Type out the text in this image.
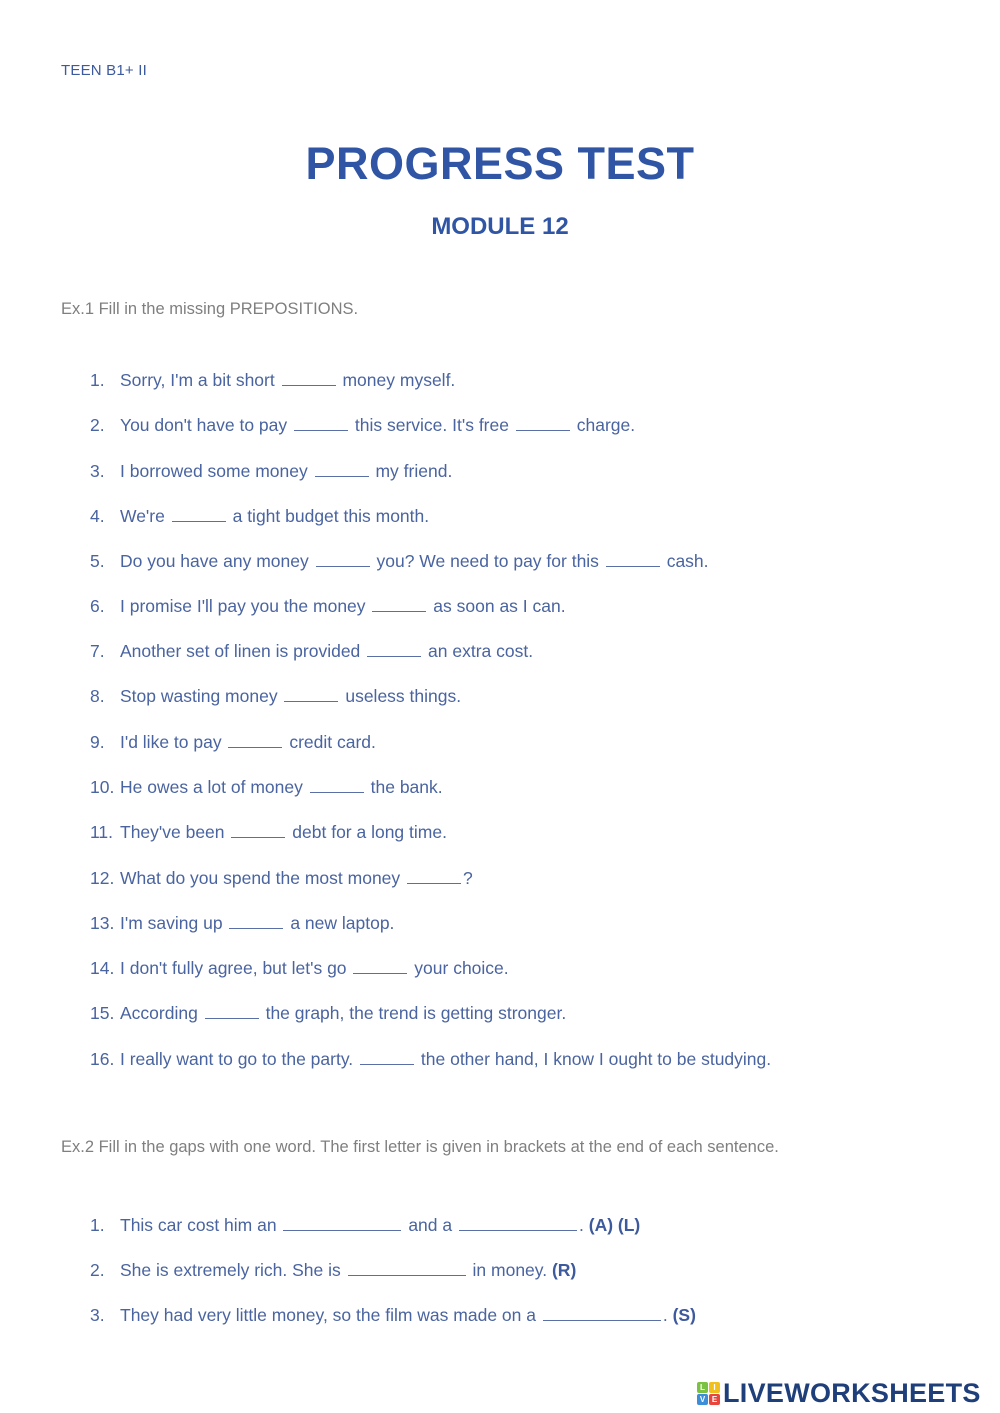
TEEN B1+ II
PROGRESS TEST
MODULE 12
Ex.1 Fill in the missing PREPOSITIONS.
1. Sorry, I'm a bit short	money myself.
2. You don't have to pay	this service. It's free	charge.
3. I borrowed some money	my friend.
4. We're	a tight budget this month.
5. Do you have any money	you? We need to pay for this	cash.
6. I promise I'll pay you the money	as soon as I can.
7. Another set of linen is provided	an extra cost.
8. Stop wasting money	useless things.
9. I'd like to pay	credit card.
10. He owes a lot of money	the bank.
11. They've been	debt for a long time.
12. What do you spend the most money	?
13. I'm saving up	a new laptop.
14. I don't fully agree, but let's go	your choice.
15. According	the graph, the trend is getting stronger.
16. I really want to go to the party.	the other hand, I know I ought to be studying.
Ex.2 Fill in the gaps with one word. The first letter is given in brackets at the end of each sentence.
1. This car cost him an	and a	. (A) (L)
2. She is extremely rich. She is	in money. (R)
3. They had very little money, so the film was made on a	. (S)
L	I
V E LIVEWORKSHEETS
